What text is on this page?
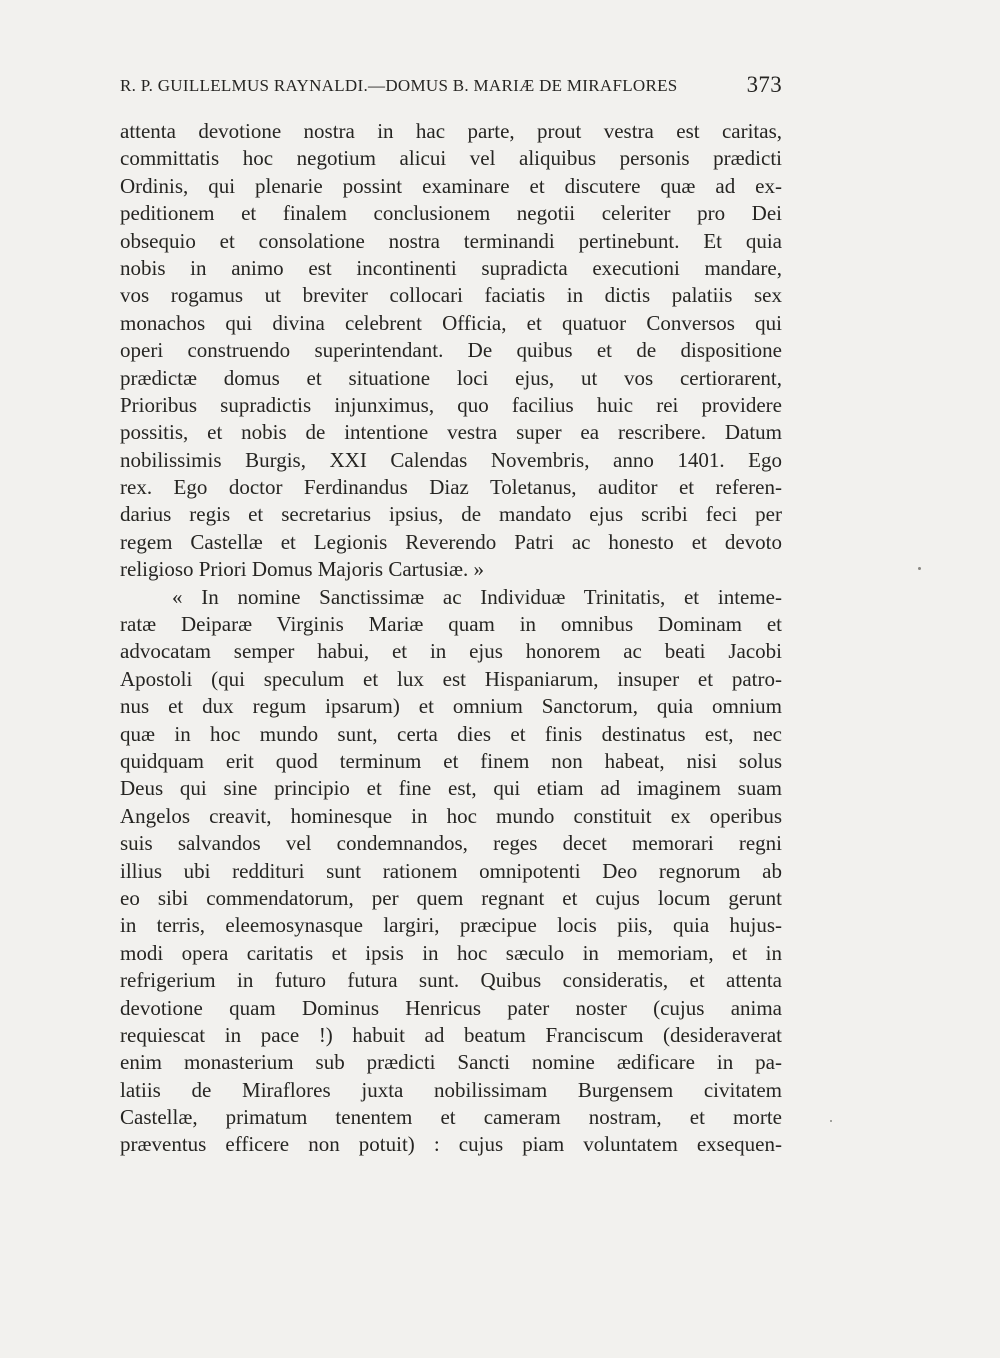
R. P. GUILLELMUS RAYNALDI.—DOMUS B. MARIÆ DE MIRAFLORES	373
attenta devotione nostra in hac parte, prout vestra est caritas,
committatis hoc negotium alicui vel aliquibus personis prædicti
Ordinis, qui plenarie possint examinare et discutere quæ ad ex-
peditionem et finalem conclusionem negotii celeriter pro Dei
obsequio et consolatione nostra terminandi pertinebunt. Et quia
nobis in animo est incontinenti supradicta executioni mandare,
vos rogamus ut breviter collocari faciatis in dictis palatiis sex
monachos qui divina celebrent Officia, et quatuor Conversos qui
operi construendo superintendant. De quibus et de dispositione
prædictæ domus et situatione loci ejus, ut vos certiorarent,
Prioribus supradictis injunximus, quo facilius huic rei providere
possitis, et nobis de intentione vestra super ea rescribere. Datum
nobilissimis Burgis, XXI Calendas Novembris, anno 1401. Ego
rex. Ego doctor Ferdinandus Diaz Toletanus, auditor et referen-
darius regis et secretarius ipsius, de mandato ejus scribi feci per
regem Castellæ et Legionis Reverendo Patri ac honesto et devoto
religioso Priori Domus Majoris Cartusiæ. »
« In nomine Sanctissimæ ac Individuæ Trinitatis, et inteme-
ratæ Deiparæ Virginis Mariæ quam in omnibus Dominam et
advocatam semper habui, et in ejus honorem ac beati Jacobi
Apostoli (qui speculum et lux est Hispaniarum, insuper et patro-
nus et dux regum ipsarum) et omnium Sanctorum, quia omnium
quæ in hoc mundo sunt, certa dies et finis destinatus est, nec
quidquam erit quod terminum et finem non habeat, nisi solus
Deus qui sine principio et fine est, qui etiam ad imaginem suam
Angelos creavit, hominesque in hoc mundo constituit ex operibus
suis salvandos vel condemnandos, reges decet memorari regni
illius ubi reddituri sunt rationem omnipotenti Deo regnorum ab
eo sibi commendatorum, per quem regnant et cujus locum gerunt
in terris, eleemosynasque largiri, præcipue locis piis, quia hujus-
modi opera caritatis et ipsis in hoc sæculo in memoriam, et in
refrigerium in futuro futura sunt. Quibus consideratis, et attenta
devotione quam Dominus Henricus pater noster (cujus anima
requiescat in pace !) habuit ad beatum Franciscum (desideraverat
enim monasterium sub prædicti Sancti nomine ædificare in pa-
latiis de Miraflores juxta nobilissimam Burgensem civitatem
Castellæ, primatum tenentem et cameram nostram, et morte
præventus efficere non potuit) : cujus piam voluntatem exsequen-
